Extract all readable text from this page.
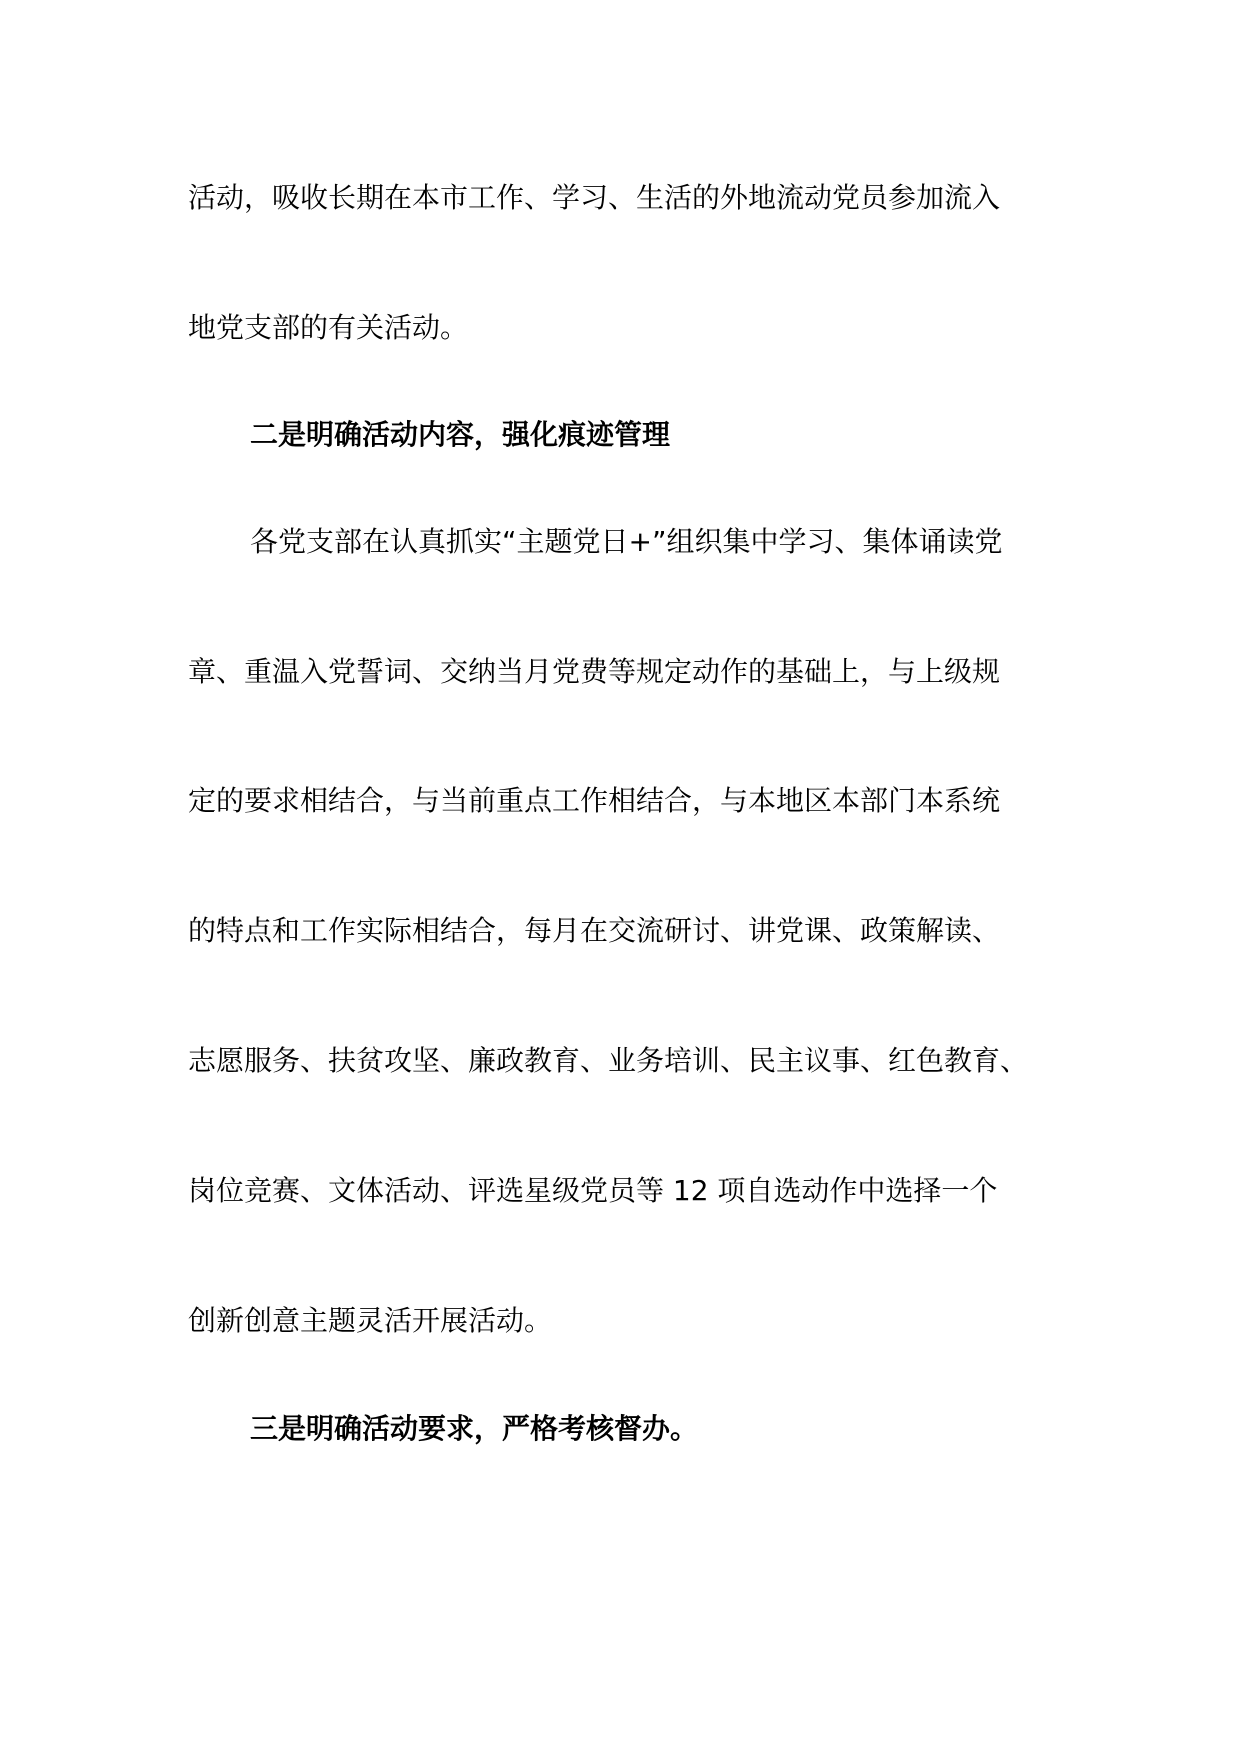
活动，吸收长期在本市工作、学习、生活的外地流动党员参加流入
地党支部的有关活动。
二是明确活动内容，强化痕迹管理
各党支部在认真抓实“主题党日+”组织集中学习、集体诵读党
章、重温入党誓词、交纳当月党费等规定动作的基础上，与上级规
定的要求相结合，与当前重点工作相结合，与本地区本部门本系统
的特点和工作实际相结合，每月在交流研讨、讲党课、政策解读、
志愿服务、扶贫攻坚、廉政教育、业务培训、民主议事、红色教育、
岗位竞赛、文体活动、评选星级党员等 12 项自选动作中选择一个
创新创意主题灵活开展活动。
三是明确活动要求，严格考核督办。
